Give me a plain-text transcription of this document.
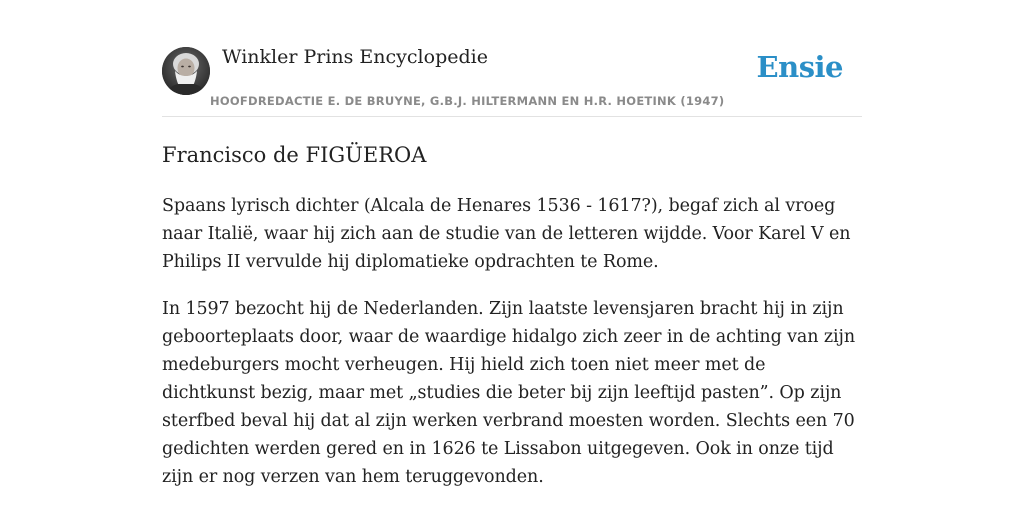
Winkler Prins Encyclopedie
HOOFDREDACTIE E. DE BRUYNE, G.B.J. HILTERMANN EN H.R. HOETINK (1947)
Ensie
Francisco de FIGÜEROA

Spaans lyrisch dichter (Alcala de Henares 1536 - 1617?), begaf zich al vroeg naar Italië, waar hij zich aan de studie van de letteren wijdde. Voor Karel V en Philips II vervulde hij diplomatieke opdrachten te Rome.

In 1597 bezocht hij de Nederlanden. Zijn laatste levensjaren bracht hij in zijn geboorteplaats door, waar de waardige hidalgo zich zeer in de achting van zijn medeburgers mocht verheugen. Hij hield zich toen niet meer met de dichtkunst bezig, maar met „studies die beter bij zijn leeftijd pasten”. Op zijn sterfbed beval hij dat al zijn werken verbrand moesten worden. Slechts een 70 gedichten werden gered en in 1626 te Lissabon uitgegeven. Ook in onze tijd zijn er nog verzen van hem teruggevonden.
